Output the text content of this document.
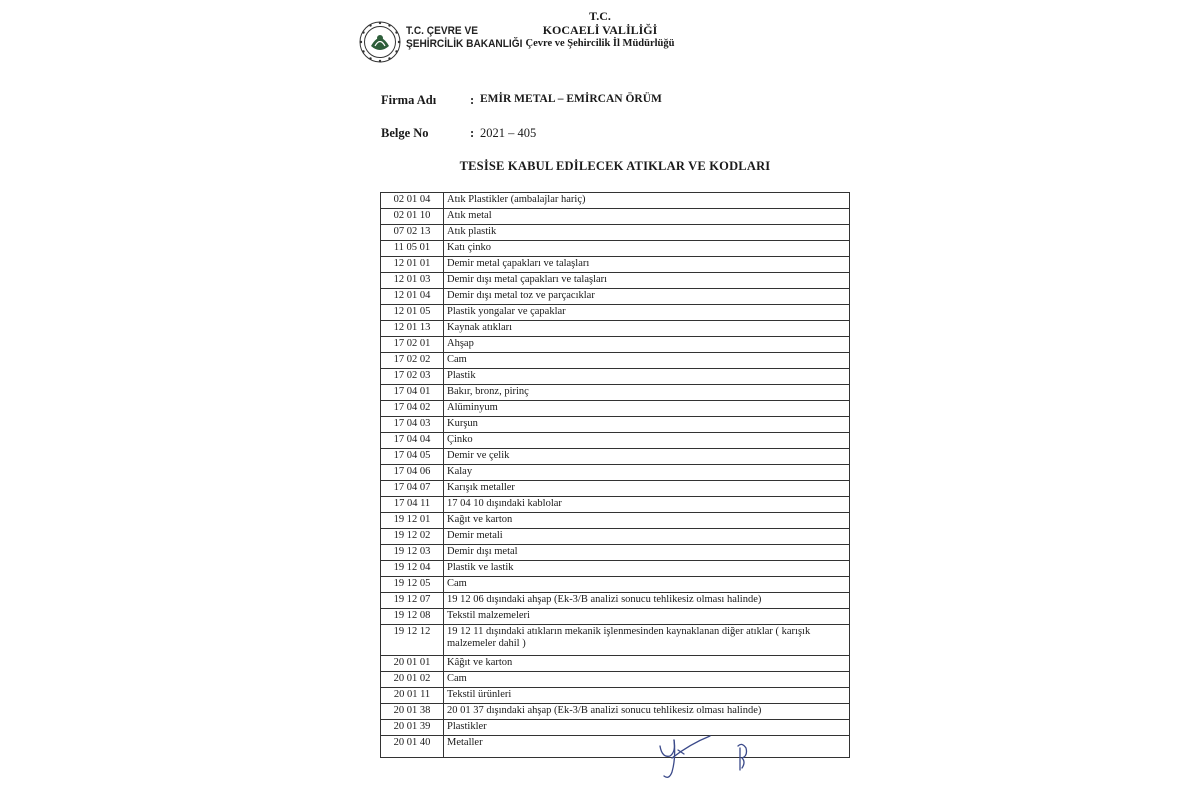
T.C. ÇEVRE VE
ŞEHİRCİLİK BAKANLIĞI
T.C.
KOCAELİ VALİLİĞİ
Çevre ve Şehircilik İl Müdürlüğü
Firma Adı	: EMİR METAL – EMİRCAN ÖRÜM
Belge No	: 2021 – 405
TESİSE KABUL EDİLECEK ATIKLAR VE KODLARI
02 01 04	Atık Plastikler (ambalajlar hariç)
02 01 10	Atık metal
07 02 13	Atık plastik
11 05 01	Katı çinko
12 01 01	Demir metal çapakları ve talaşları
12 01 03	Demir dışı metal çapakları ve talaşları
12 01 04	Demir dışı metal toz ve parçacıklar
12 01 05	Plastik yongalar ve çapaklar
12 01 13	Kaynak atıkları
17 02 01	Ahşap
17 02 02	Cam
17 02 03	Plastik
17 04 01	Bakır, bronz, pirinç
17 04 02	Alüminyum
17 04 03	Kurşun
17 04 04	Çinko
17 04 05	Demir ve çelik
17 04 06	Kalay
17 04 07	Karışık metaller
17 04 11	17 04 10 dışındaki kablolar
19 12 01	Kağıt ve karton
19 12 02	Demir metali
19 12 03	Demir dışı metal
19 12 04	Plastik ve lastik
19 12 05	Cam
19 12 07	19 12 06 dışındaki ahşap (Ek-3/B analizi sonucu tehlikesiz olması halinde)
19 12 08	Tekstil malzemeleri
19 12 12	19 12 11 dışındaki atıkların mekanik işlenmesinden kaynaklanan diğer atıklar ( karışık malzemeler dahil )
20 01 01	Kâğıt ve karton
20 01 02	Cam
20 01 11	Tekstil ürünleri
20 01 38	20 01 37 dışındaki ahşap (Ek-3/B analizi sonucu tehlikesiz olması halinde)
20 01 39	Plastikler
20 01 40	Metaller
